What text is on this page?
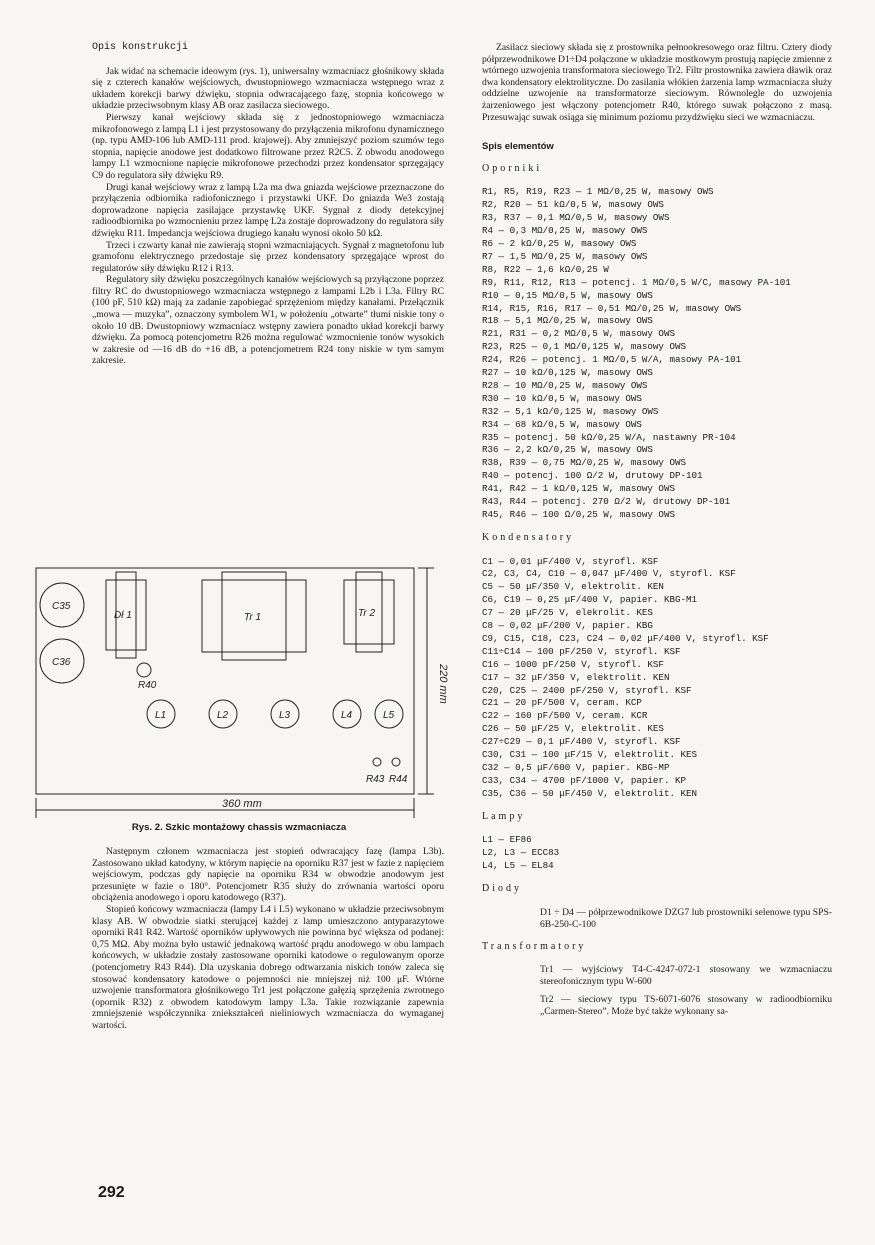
Opis konstrukcji

Jak widać na schemacie ideowym (rys. 1), uniwersalny wzmacniacz głośnikowy składa się z czterech kanałów wejściowych, dwustopniowego wzmacniacza wstępnego wraz z układem korekcji barwy dźwięku, stopnia odwracającego fazę, stopnia końcowego w układzie przeciwsobnym klasy AB oraz zasilacza sieciowego.

Pierwszy kanał wejściowy składa się z jednostopniowego wzmacniacza mikrofonowego z lampą L1 i jest przystosowany do przyłączenia mikrofonu dynamicznego (np. typu AMD-106 lub AMD-111 prod. krajowej). Aby zmniejszyć poziom szumów tego stopnia, napięcie anodowe jest dodatkowo filtrowane przez R2C5. Z obwodu anodowego lampy L1 wzmocnione napięcie mikrofonowe przechodzi przez kondensator sprzęgający C9 do regulatora siły dźwięku R9.

Drugi kanał wejściowy wraz z lampą L2a ma dwa gniazda wejściowe przeznaczone do przyłączenia odbiornika radiofonicznego i przystawki UKF. Do gniazda We3 zostają doprowadzone napięcia zasilające przystawkę UKF. Sygnał z diody detekcyjnej radioodbiornika po wzmocnieniu przez lampę L2a zostaje doprowadzony do regulatora siły dźwięku R11. Impedancja wejściowa drugiego kanału wynosi około 50 kΩ.

Trzeci i czwarty kanał nie zawierają stopni wzmacniających. Sygnał z magnetofonu lub gramofonu elektrycznego przedostaje się przez kondensatory sprzęgające wprost do regulatorów siły dźwięku R12 i R13.

Regulatory siły dźwięku poszczególnych kanałów wejściowych są przyłączone poprzez filtry RC do dwustopniowego wzmacniacza wstępnego z lampami L2b i L3a. Filtry RC (100 pF, 510 kΩ) mają za zadanie zapobiegać sprzężeniom między kanałami. Przełącznik „mowa — muzyka”, oznaczony symbolem W1, w położeniu „otwarte” tłumi niskie tony o około 10 dB. Dwustopniowy wzmacniacz wstępny zawiera ponadto układ korekcji barwy dźwięku. Za pomocą potencjometru R26 można regulować wzmocnienie tonów wysokich w zakresie od —16 dB do +16 dB, a potencjometrem R24 tony niskie w tym samym zakresie.

C35
C36
Dł 1	Tr 1	Tr 2
R40
L1	L2	L3	L4	L5
R43 R44
360 mm
220 mm
Rys. 2. Szkic montażowy chassis wzmacniacza

Następnym członem wzmacniacza jest stopień odwracający fazę (lampa L3b). Zastosowano układ katodyny, w którym napięcie na oporniku R37 jest w fazie z napięciem wejściowym, podczas gdy napięcie na oporniku R34 w obwodzie anodowym jest przesunięte w fazie o 180°. Potencjometr R35 służy do zrównania wartości oporu obciążenia anodowego i oporu katodowego (R37).

Stopień końcowy wzmacniacza (lampy L4 i L5) wykonano w układzie przeciwsobnym klasy AB. W obwodzie siatki sterującej każdej z lamp umieszczono antyparazytowe oporniki R41 R42. Wartość oporników upływowych nie powinna być większa od podanej: 0,75 MΩ. Aby można było ustawić jednakową wartość prądu anodowego w obu lampach końcowych, w układzie zostały zastosowane oporniki katodowe o regulowanym oporze (potencjometry R43 R44). Dla uzyskania dobrego odtwarzania niskich tonów zaleca się stosować kondensatory katodowe o pojemności nie mniejszej niż 100 μF. Wtórne uzwojenie transformatora głośnikowego Tr1 jest połączone gałęzią sprzężenia zwrotnego (opornik R32) z obwodem katodowym lampy L3a. Takie rozwiązanie zapewnia zmniejszenie współczynnika zniekształceń nieliniowych wzmacniacza do wymaganej wartości.

292

Zasilacz sieciowy składa się z prostownika pełnookresowego oraz filtru. Cztery diody półprzewodnikowe D1÷D4 połączone w układzie mostkowym prostują napięcie zmienne z wtórnego uzwojenia transformatora sieciowego Tr2. Filtr prostownika zawiera dławik oraz dwa kondensatory elektrolityczne. Do zasilania włókien żarzenia lamp wzmacniacza służy oddzielne uzwojenie na transformatorze sieciowym. Równolegle do uzwojenia żarzeniowego jest włączony potencjometr R40, którego suwak połączono z masą. Przesuwając suwak osiąga się minimum poziomu przydźwięku sieci we wzmacniaczu.

Spis elementów
Oporniki
R1, R5, R19, R23 — 1 MΩ/0,25 W, masowy OWS
R2, R20 — 51 kΩ/0,5 W, masowy OWS
R3, R37 — 0,1 MΩ/0,5 W, masowy OWS
R4 — 0,3 MΩ/0,25 W, masowy OWS
R6 — 2 kΩ/0,25 W, masowy OWS
R7 — 1,5 MΩ/0,25 W, masowy OWS
R8, R22 — 1,6 kΩ/0,25 W
R9, R11, R12, R13 — potencj. 1 MΩ/0,5 W/C, masowy PA-101
R10 — 0,15 MΩ/0,5 W, masowy OWS
R14, R15, R16, R17 — 0,51 MΩ/0,25 W, masowy OWS
R18 — 5,1 MΩ/0,25 W, masowy OWS
R21, R31 — 0,2 MΩ/0,5 W, masowy OWS
R23, R25 — 0,1 MΩ/0,125 W, masowy OWS
R24, R26 — potencj. 1 MΩ/0,5 W/A, masowy PA-101
R27 — 10 kΩ/0,125 W, masowy OWS
R28 — 10 MΩ/0,25 W, masowy OWS
R30 — 10 kΩ/0,5 W, masowy OWS
R32 — 5,1 kΩ/0,125 W, masowy OWS
R34 — 68 kΩ/0,5 W, masowy OWS
R35 — potencj. 50 kΩ/0,25 W/A, nastawny PR-104
R36 — 2,2 kΩ/0,25 W, masowy OWS
R38, R39 — 0,75 MΩ/0,25 W, masowy OWS
R40 — potencj. 100 Ω/2 W, drutowy DP-101
R41, R42 — 1 kΩ/0,125 W, masowy OWS
R43, R44 — potencj. 270 Ω/2 W, drutowy DP-101
R45, R46 — 100 Ω/0,25 W, masowy OWS
Kondensatory
C1 — 0,01 μF/400 V, styrofl. KSF
C2, C3, C4, C10 — 0,047 μF/400 V, styrofl. KSF
C5 — 50 μF/350 V, elektrolit. KEN
C6, C19 — 0,25 μF/400 V, papier. KBG-M1
C7 — 20 μF/25 V, elekrolit. KES
C8 — 0,02 μF/200 V, papier. KBG
C9, C15, C18, C23, C24 — 0,02 μF/400 V, styrofl. KSF
C11÷C14 — 100 pF/250 V, styrofl. KSF
C16 — 1000 pF/250 V, styrofl. KSF
C17 — 32 μF/350 V, elektrolit. KEN
C20, C25 — 2400 pF/250 V, styrofl. KSF
C21 — 20 pF/500 V, ceram. KCP
C22 — 160 pF/500 V, ceram. KCR
C26 — 50 μF/25 V, elektrolit. KES
C27÷C29 — 0,1 μF/400 V, styrofl. KSF
C30, C31 — 100 μF/15 V, elektrolit. KES
C32 — 0,5 μF/600 V, papier. KBG-MP
C33, C34 — 4700 pF/1000 V, papier. KP
C35, C36 — 50 μF/450 V, elektrolit. KEN
Lampy
L1 — EF86
L2, L3 — ECC83
L4, L5 — EL84
Diody

D1 ÷ D4 — półprzewodnikowe DZG7 lub prostowniki selenowe typu SPS-6B-250-C-100

Transformatory

Tr1 — wyjściowy T4-C-4247-072-1 stosowany we wzmacniaczu stereofonicznym typu W-600

Tr2 — sieciowy typu TS-6071-6076 stosowany w radioodbiorniku „Carmen-Stereo”. Może być także wykonany sa-
